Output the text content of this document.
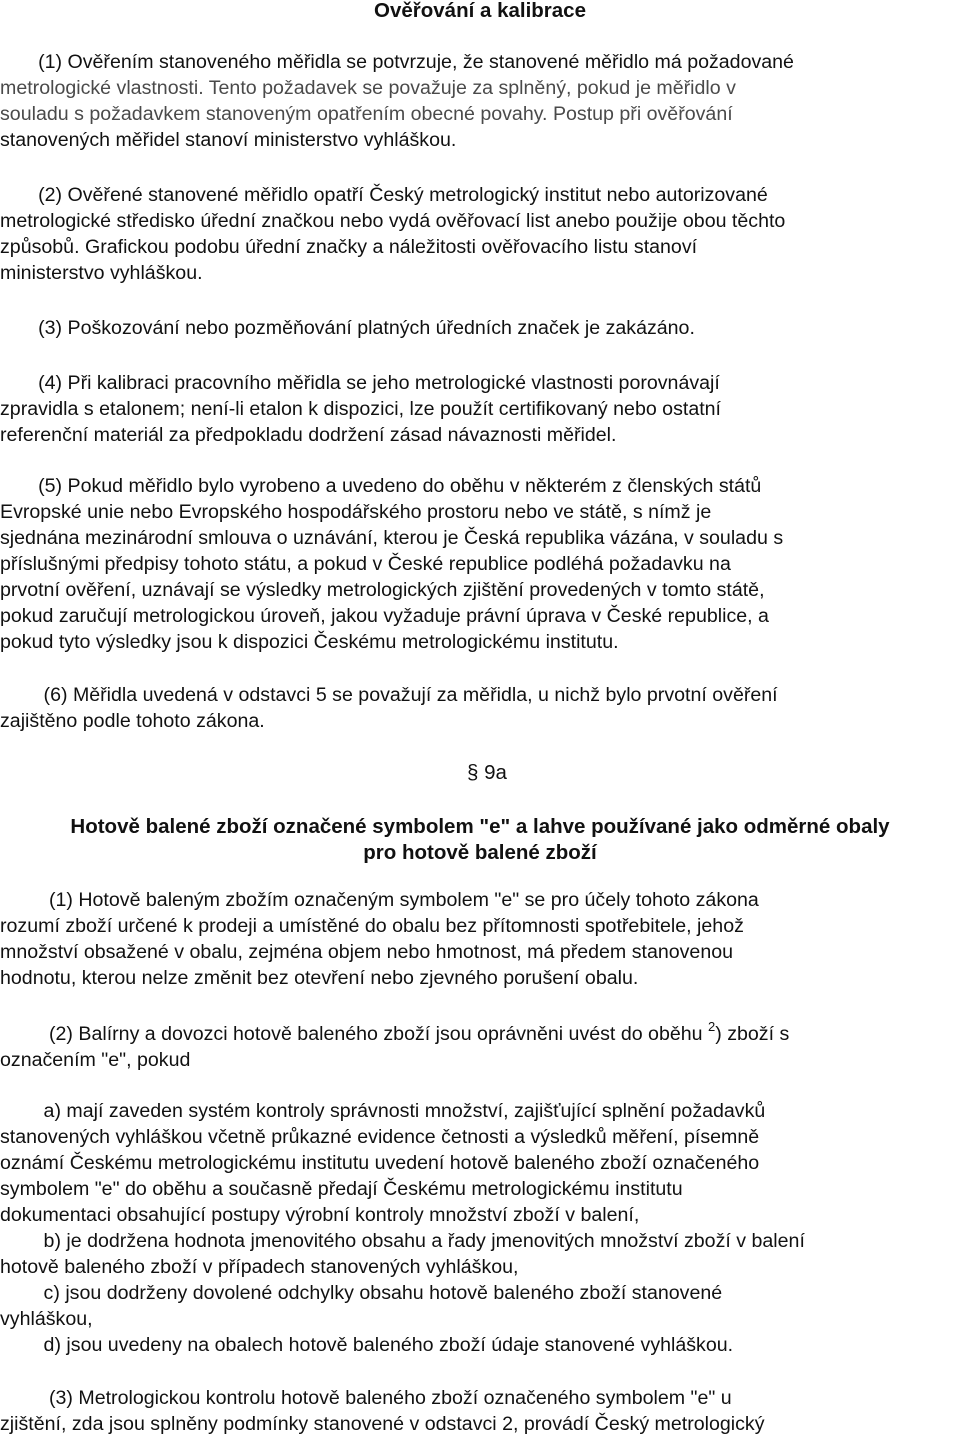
Ověřování a kalibrace

(1) Ověřením stanoveného měřidla se potvrzuje, že stanovené měřidlo má požadované
metrologické vlastnosti. Tento požadavek se považuje za splněný, pokud je měřidlo v
souladu s požadavkem stanoveným opatřením obecné povahy. Postup při ověřování
stanovených měřidel stanoví ministerstvo vyhláškou.

(2) Ověřené stanovené měřidlo opatří Český metrologický institut nebo autorizované
metrologické středisko úřední značkou nebo vydá ověřovací list anebo použije obou těchto
způsobů. Grafickou podobu úřední značky a náležitosti ověřovacího listu stanoví
ministerstvo vyhláškou.

(3) Poškozování nebo pozměňování platných úředních značek je zakázáno.

(4) Při kalibraci pracovního měřidla se jeho metrologické vlastnosti porovnávají
zpravidla s etalonem; není-li etalon k dispozici, lze použít certifikovaný nebo ostatní
referenční materiál za předpokladu dodržení zásad návaznosti měřidel.

(5) Pokud měřidlo bylo vyrobeno a uvedeno do oběhu v některém z členských států
Evropské unie nebo Evropského hospodářského prostoru nebo ve státě, s nímž je
sjednána mezinárodní smlouva o uznávání, kterou je Česká republika vázána, v souladu s
příslušnými předpisy tohoto státu, a pokud v České republice podléhá požadavku na
prvotní ověření, uznávají se výsledky metrologických zjištění provedených v tomto státě,
pokud zaručují metrologickou úroveň, jakou vyžaduje právní úprava v České republice, a
pokud tyto výsledky jsou k dispozici Českému metrologickému institutu.

(6) Měřidla uvedená v odstavci 5 se považují za měřidla, u nichž bylo prvotní ověření
zajištěno podle tohoto zákona.

§ 9a
Hotově balené zboží označené symbolem "e" a lahve používané jako odměrné obaly
pro hotově balené zboží

(1) Hotově baleným zbožím označeným symbolem "e" se pro účely tohoto zákona
rozumí zboží určené k prodeji a umístěné do obalu bez přítomnosti spotřebitele, jehož
množství obsažené v obalu, zejména objem nebo hmotnost, má předem stanovenou
hodnotu, kterou nelze změnit bez otevření nebo zjevného porušení obalu.

(2) Balírny a dovozci hotově baleného zboží jsou oprávněni uvést do oběhu $^2$) zboží s
označením "e", pokud

a) mají zaveden systém kontroly správnosti množství, zajišťující splnění požadavků
stanovených vyhláškou včetně průkazné evidence četnosti a výsledků měření, písemně
oznámí Českému metrologickému institutu uvedení hotově baleného zboží označeného
symbolem "e" do oběhu a současně předají Českému metrologickému institutu
dokumentaci obsahující postupy výrobní kontroly množství zboží v balení,
b) je dodržena hodnota jmenovitého obsahu a řady jmenovitých množství zboží v balení
hotově baleného zboží v případech stanovených vyhláškou,
c) jsou dodrženy dovolené odchylky obsahu hotově baleného zboží stanovené
vyhláškou,
d) jsou uvedeny na obalech hotově baleného zboží údaje stanovené vyhláškou.

(3) Metrologickou kontrolu hotově baleného zboží označeného symbolem "e" u
zjištění, zda jsou splněny podmínky stanovené v odstavci 2, provádí Český metrologický
